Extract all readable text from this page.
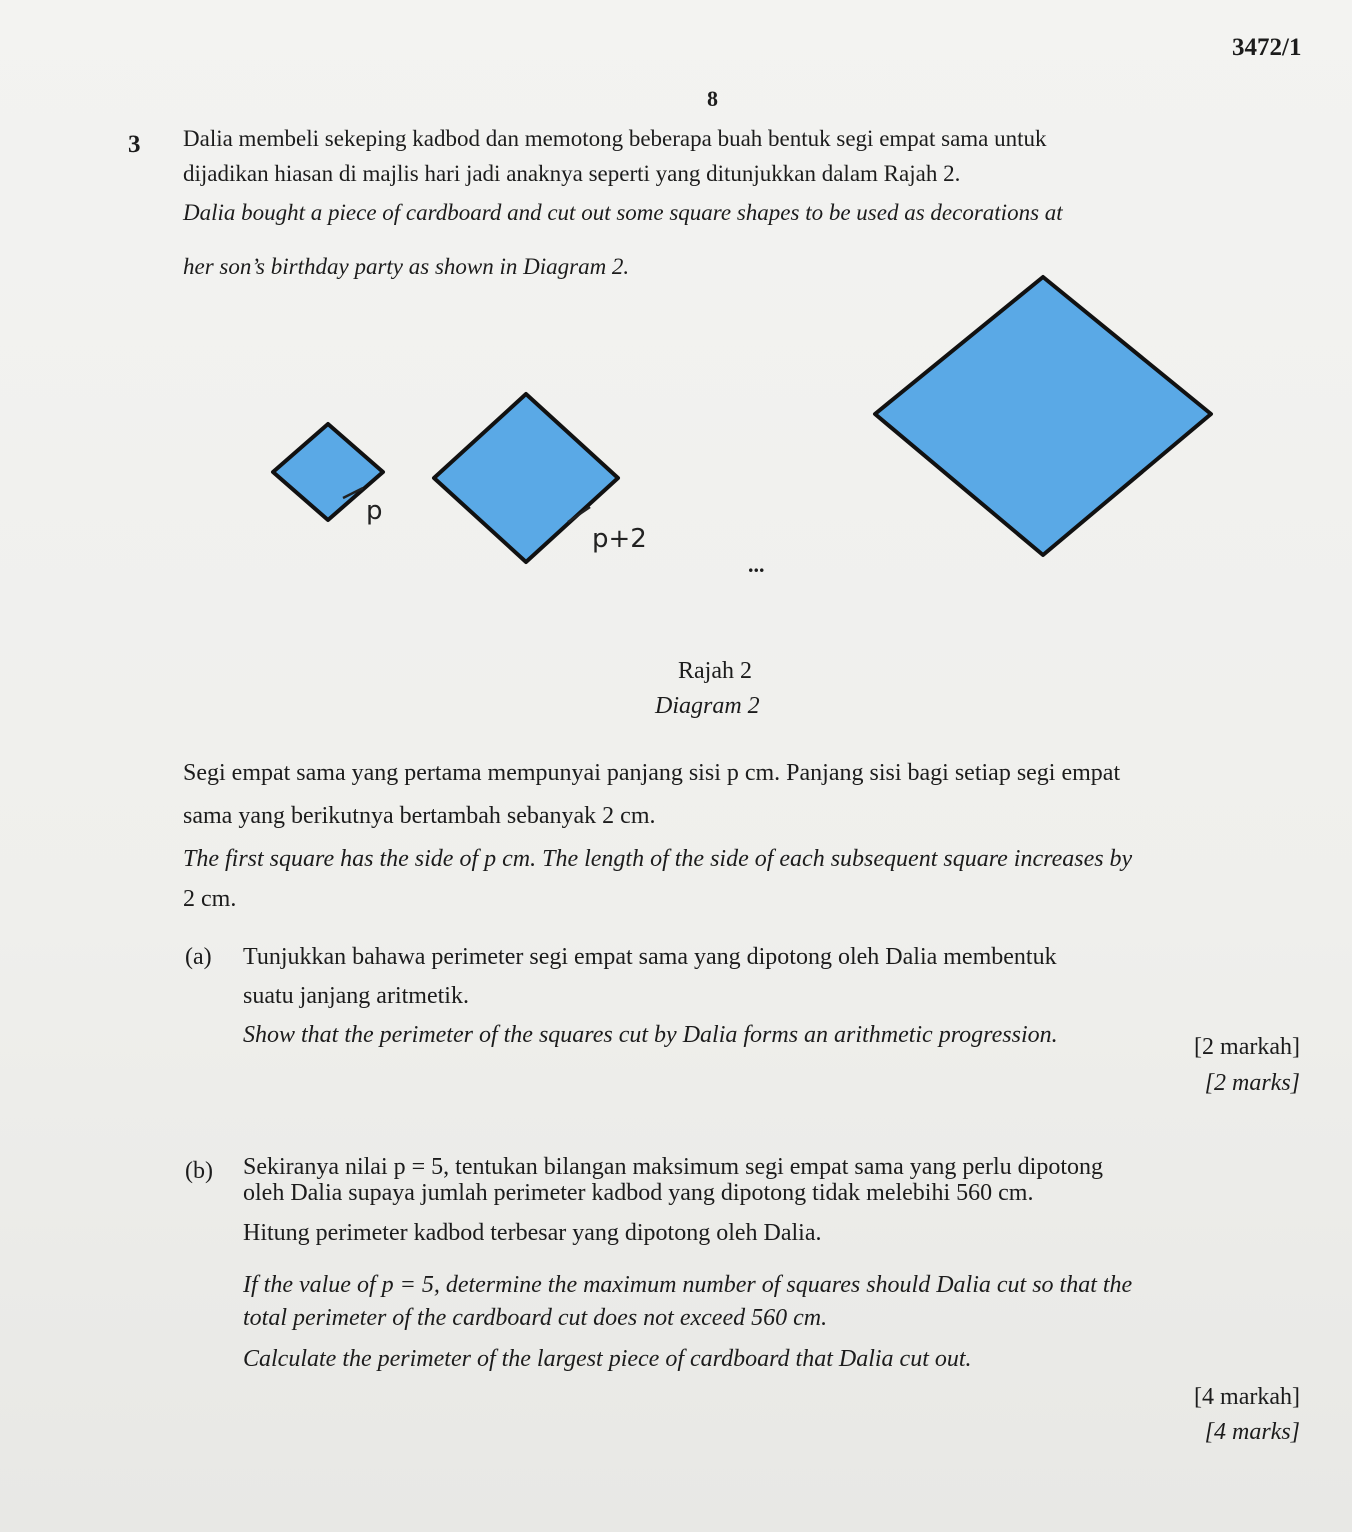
3472/1
8
3 Dalia membeli sekeping kadbod dan memotong beberapa buah bentuk segi empat sama untuk
dijadikan hiasan di majlis hari jadi anaknya seperti yang ditunjukkan dalam Rajah 2.
Dalia bought a piece of cardboard and cut out some square shapes to be used as decorations at
her son’s birthday party as shown in Diagram 2.
p
p+2
...
Rajah 2
Diagram 2
Segi empat sama yang pertama mempunyai panjang sisi p cm. Panjang sisi bagi setiap segi empat
sama yang berikutnya bertambah sebanyak 2 cm.
The first square has the side of p cm. The length of the side of each subsequent square increases by
2 cm.
(a) Tunjukkan bahawa perimeter segi empat sama yang dipotong oleh Dalia membentuk
suatu janjang aritmetik.
Show that the perimeter of the squares cut by Dalia forms an arithmetic progression.	[2 markah]
[2 marks]
(b) Sekiranya nilai p = 5, tentukan bilangan maksimum segi empat sama yang perlu dipotong
oleh Dalia supaya jumlah perimeter kadbod yang dipotong tidak melebihi 560 cm.
Hitung perimeter kadbod terbesar yang dipotong oleh Dalia.
If the value of p = 5, determine the maximum number of squares should Dalia cut so that the
total perimeter of the cardboard cut does not exceed 560 cm.
Calculate the perimeter of the largest piece of cardboard that Dalia cut out.
[4 markah]
[4 marks]
